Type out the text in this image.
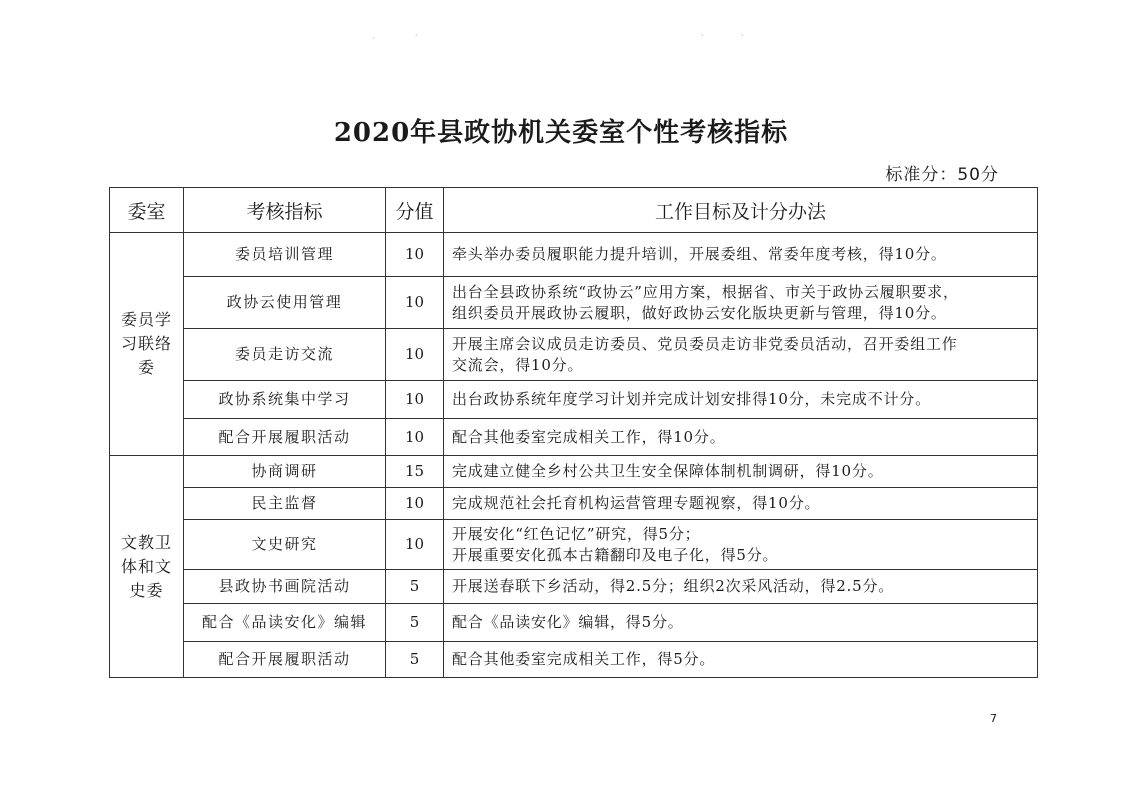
·	ˊ	ˊ	ˊ
2020年县政协机关委室个性考核指标
标准分：50分
委室	考核指标	分值	工作目标及计分办法
委员学习联络委	委员培训管理	10	牵头举办委员履职能力提升培训，开展委组、常委年度考核，得10分。

	政协云使用管理	10	出台全县政协系统“政协云”应用方案，根据省、市关于政协云履职要求，
组织委员开展政协云履职，做好政协云安化版块更新与管理，得10分。

	委员走访交流	10	开展主席会议成员走访委员、党员委员走访非党委员活动，召开委组工作
交流会，得10分。

	政协系统集中学习	10	出台政协系统年度学习计划并完成计划安排得10分，未完成不计分。

	配合开展履职活动	10	配合其他委室完成相关工作，得10分。

文教卫体和文史委	协商调研	15	完成建立健全乡村公共卫生安全保障体制机制调研，得10分。

	民主监督	10	完成规范社会托育机构运营管理专题视察，得10分。

	文史研究	10	开展安化“红色记忆”研究，得5分；
开展重要安化孤本古籍翻印及电子化，得5分。

	县政协书画院活动	5	开展送春联下乡活动，得2.5分；组织2次采风活动，得2.5分。

	配合《品读安化》编辑	5	配合《品读安化》编辑，得5分。

	配合开展履职活动	5	配合其他委室完成相关工作，得5分。
7
